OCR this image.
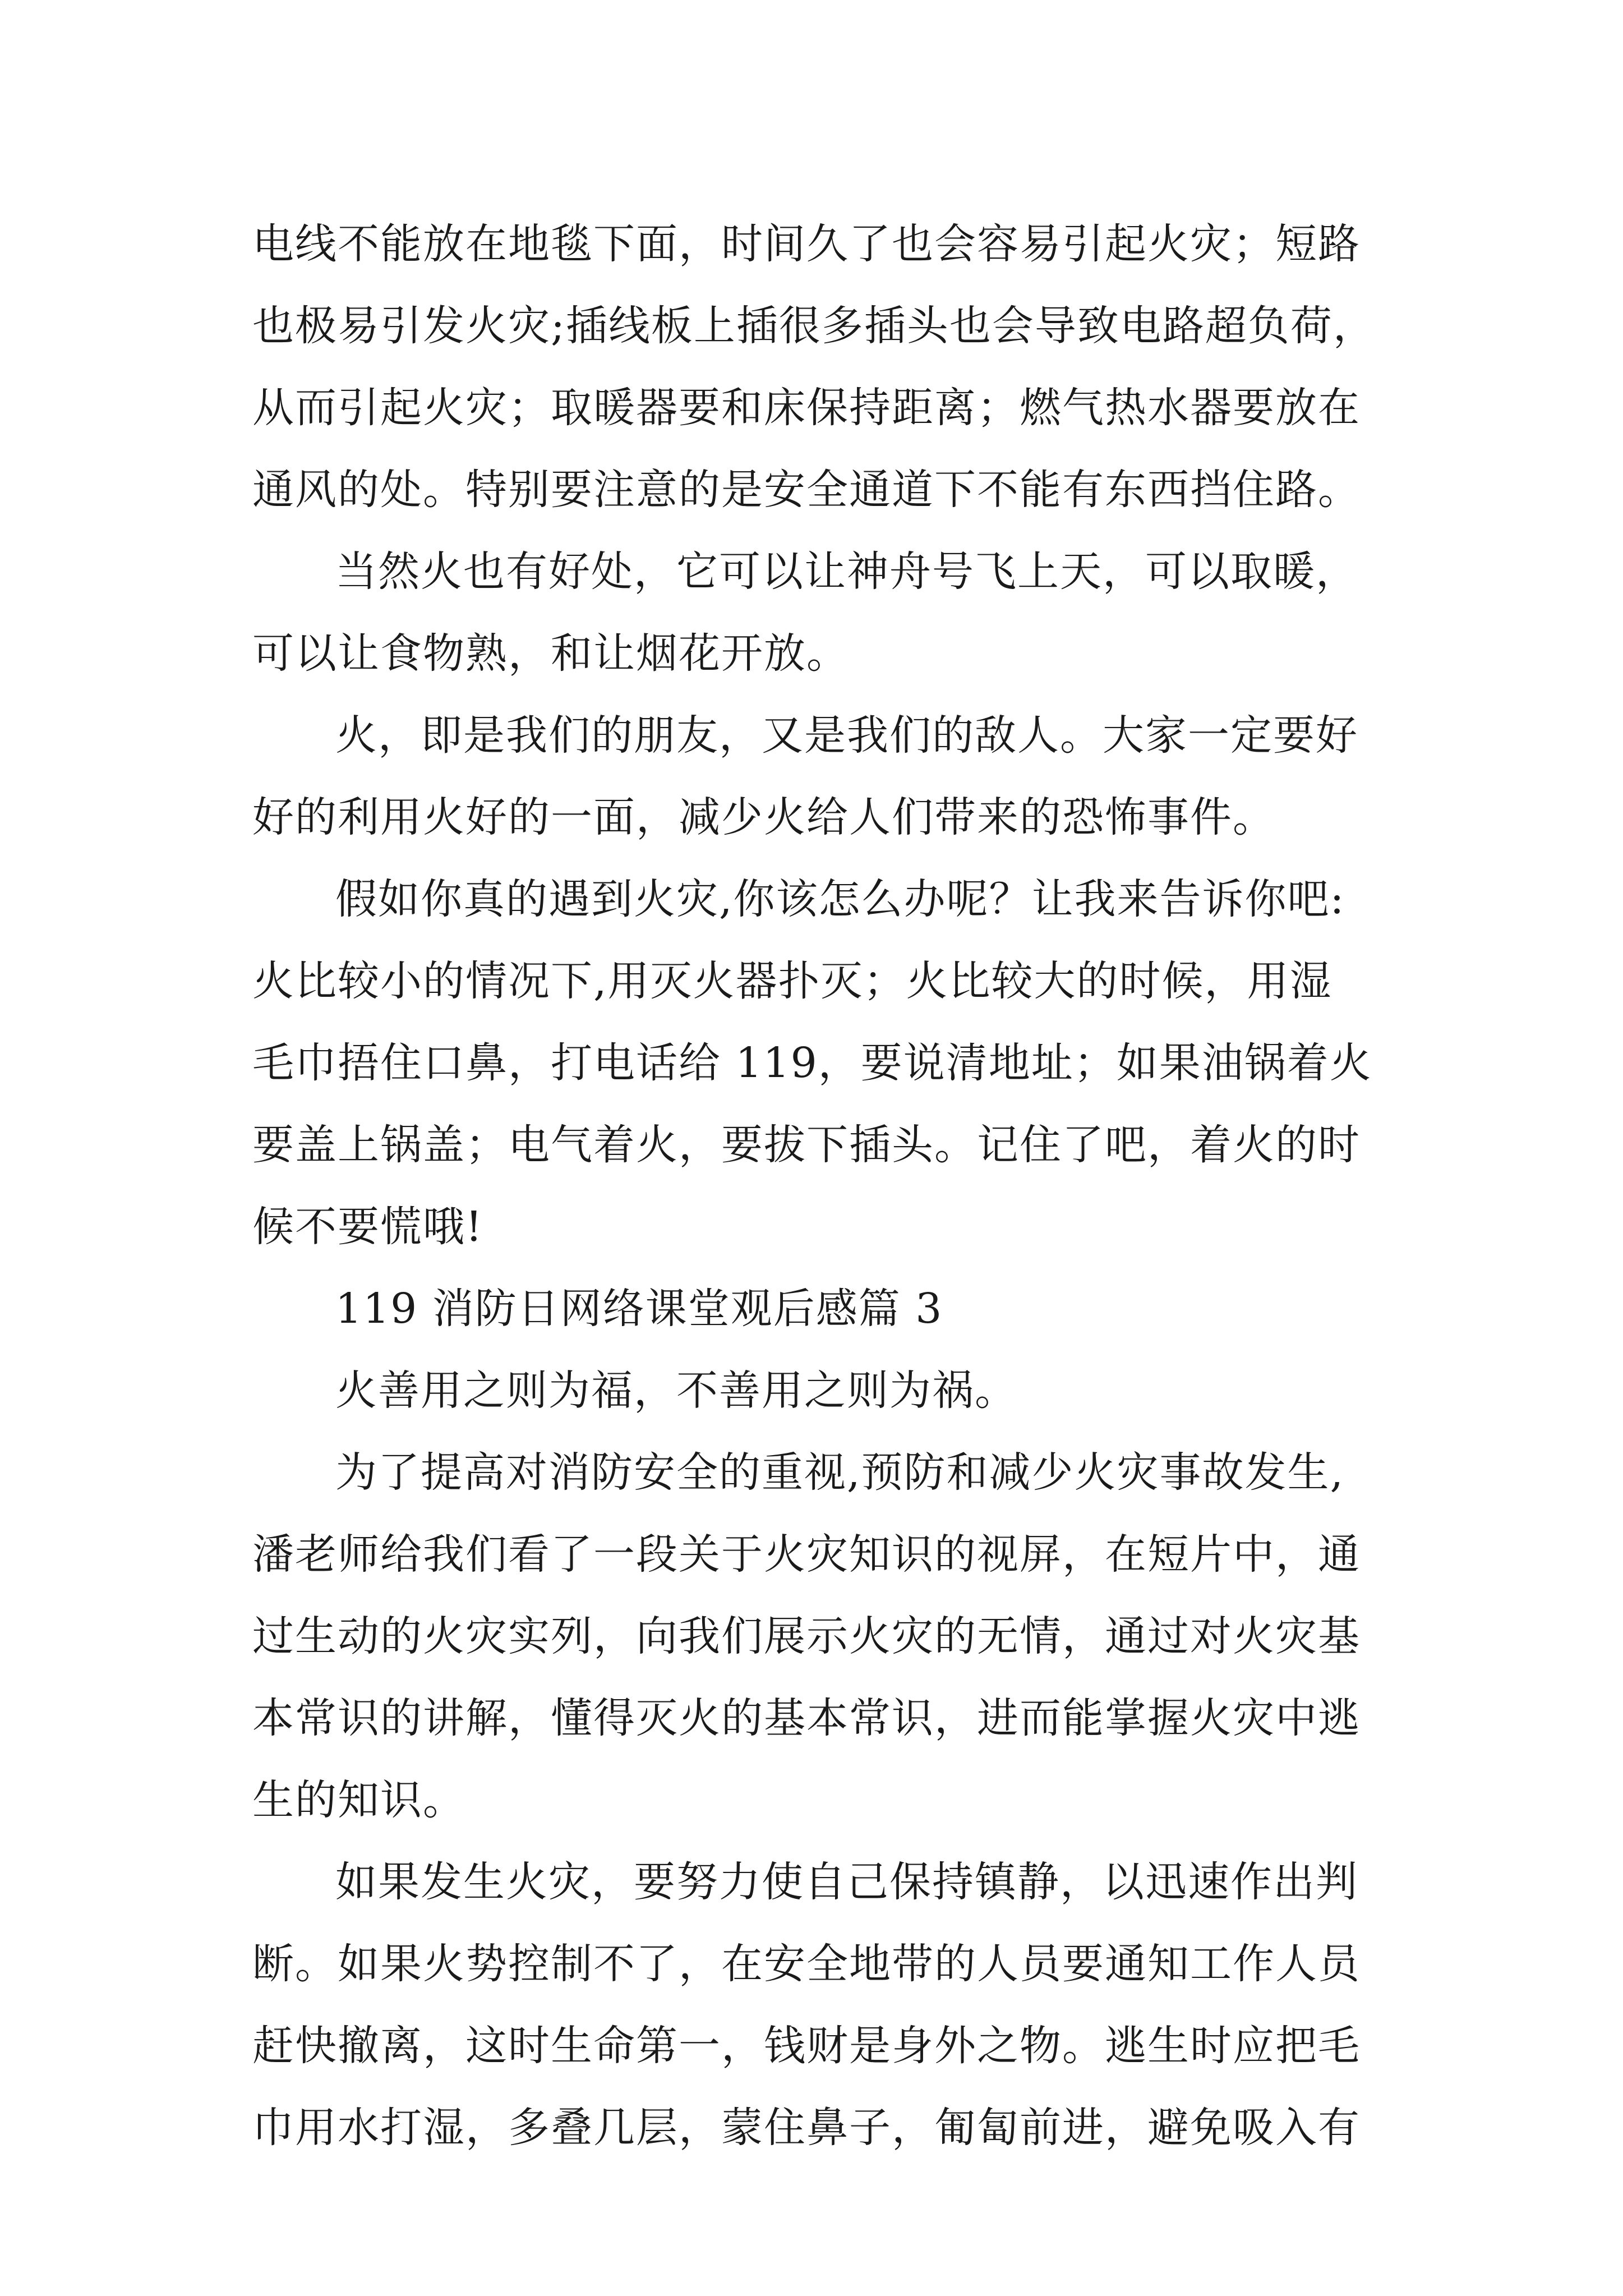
电线不能放在地毯下面，时间久了也会容易引起火灾；短路
也极易引发火灾;插线板上插很多插头也会导致电路超负荷，
从而引起火灾；取暖器要和床保持距离；燃气热水器要放在
通风的处。特别要注意的是安全通道下不能有东西挡住路。
当然火也有好处，它可以让神舟号飞上天，可以取暖，
可以让食物熟，和让烟花开放。
火，即是我们的朋友，又是我们的敌人。大家一定要好
好的利用火好的一面，减少火给人们带来的恐怖事件。
假如你真的遇到火灾,你该怎么办呢？让我来告诉你吧:
火比较小的情况下,用灭火器扑灭；火比较大的时候，用湿
毛巾捂住口鼻，打电话给 119，要说清地址；如果油锅着火
要盖上锅盖；电气着火，要拔下插头。记住了吧，着火的时
候不要慌哦!
119 消防日网络课堂观后感篇 3
火善用之则为福，不善用之则为祸。
为了提高对消防安全的重视,预防和减少火灾事故发生,
潘老师给我们看了一段关于火灾知识的视屏，在短片中，通
过生动的火灾实列，向我们展示火灾的无情，通过对火灾基
本常识的讲解，懂得灭火的基本常识，进而能掌握火灾中逃
生的知识。
如果发生火灾，要努力使自己保持镇静，以迅速作出判
断。如果火势控制不了，在安全地带的人员要通知工作人员
赶快撤离，这时生命第一，钱财是身外之物。逃生时应把毛
巾用水打湿，多叠几层，蒙住鼻子，匍匐前进，避免吸入有
